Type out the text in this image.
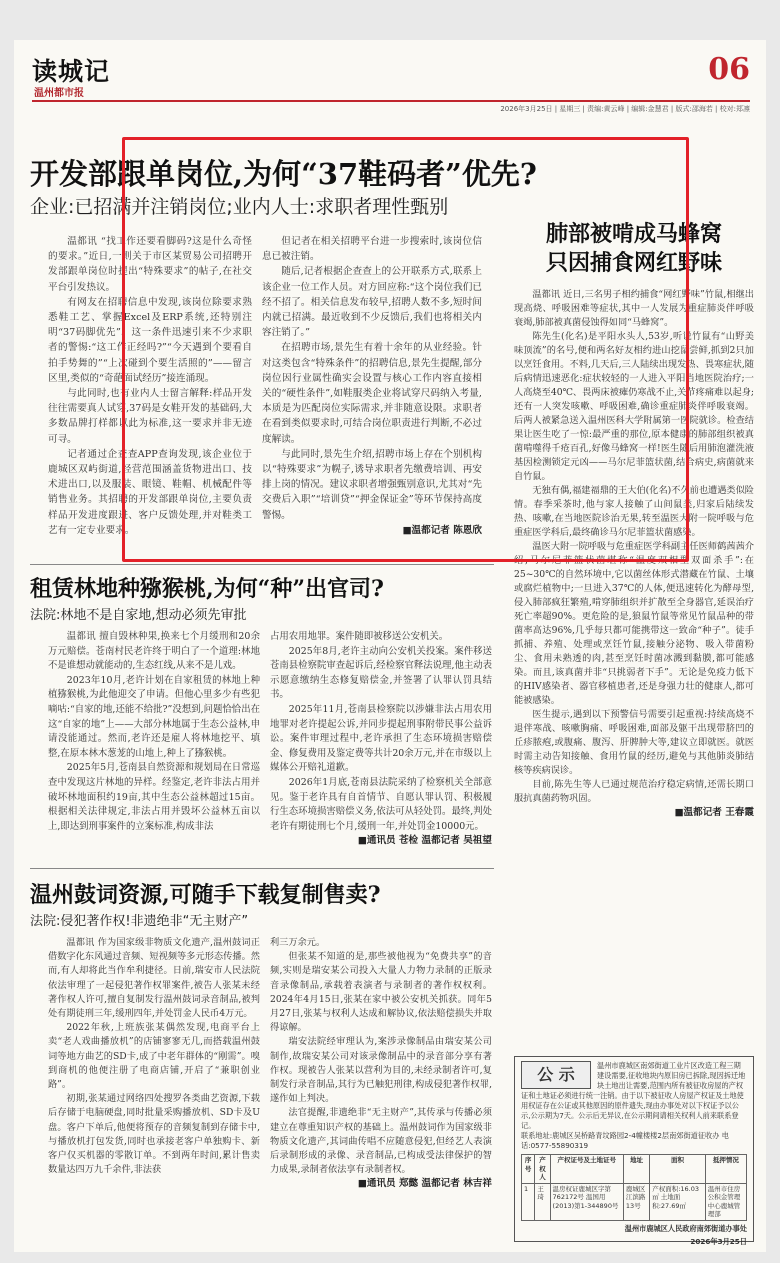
读城记
温州都市报
06
2026年3月25日 | 星期三 | 责编:黄云峰 | 编辑:金慧君 | 版式:邵海若 | 校对:郑凛
开发部跟单岗位,为何“37鞋码者”优先?
企业:已招满并注销岗位;业内人士:求职者理性甄别

温都讯 “找工作还要看脚码?这是什么奇怪的要求。”近日,一则关于市区某贸易公司招聘开发部跟单岗位时提出“特殊要求”的帖子,在社交平台引发热议。

有网友在招聘信息中发现,该岗位除要求熟悉鞋工艺、掌握Excel及ERP系统,还特别注明“37码脚优先”。这一条件迅速引来不少求职者的警惕:“这工作正经吗?”“今天遇到个要看自拍手势舞的”“上次碰到个要生活照的”——留言区里,类似的“奇葩面试经历”接连涌现。

与此同时,也有业内人士留言解释:样品开发往往需要真人试穿,37码是女鞋开发的基础码,大多数品牌打样都以此为标准,这一要求并非无迹可寻。

记者通过企查查APP查询发现,该企业位于鹿城区双屿街道,经营范围涵盖货物进出口、技术进出口,以及服装、眼镜、鞋帽、机械配件等销售业务。其招聘的开发部跟单岗位,主要负责样品开发进度跟进、客户反馈处理,并对鞋类工艺有一定专业要求。

但记者在相关招聘平台进一步搜索时,该岗位信息已被注销。

随后,记者根据企查查上的公开联系方式,联系上该企业一位工作人员。对方回应称:“这个岗位我们已经不招了。相关信息发布较早,招聘人数不多,短时间内就已招满。最近收到不少反馈后,我们也将相关内容注销了。”

在招聘市场,景先生有着十余年的从业经验。针对这类包含“特殊条件”的招聘信息,景先生提醒,部分岗位因行业属性确实会设置与核心工作内容直接相关的“硬性条件”,如鞋服类企业将试穿尺码纳入考量,本质是为匹配岗位实际需求,并非随意设限。求职者在看到类似要求时,可结合岗位职责进行判断,不必过度解读。

与此同时,景先生介绍,招聘市场上存在个别机构以“特殊要求”为幌子,诱导求职者先缴费培训、再安排上岗的情况。建议求职者增强甄别意识,尤其对“先交费后入职”“培训贷”“押金保证金”等环节保持高度警惕。

■温都记者 陈恩欣
租赁林地种猕猴桃,为何“种”出官司?
法院:林地不是自家地,想动必须先审批

温都讯 擅自毁林种果,换来七个月缓刑和20余万元赔偿。苍南村民老许终于明白了一个道理:林地不是谁想动就能动的,生态红线,从来不是儿戏。

2023年10月,老许计划在自家租赁的林地上种植猕猴桃,为此他迎交了申请。但他心里多少有些犯嘀咕:“自家的地,还能不给批?”没想到,问题恰恰出在这“自家的地”上——大部分林地属于生态公益林,申请没能通过。然而,老许还是雇人将林地挖平、填整,在原本林木葱茏的山地上,种上了猕猴桃。

2025年5月,苍南县自然资源和规划局在日常巡查中发现这片林地的异样。经鉴定,老许非法占用并破坏林地面积约19亩,其中生态公益林超过15亩。根据相关法律规定,非法占用并毁坏公益林五亩以上,即达到刑事案件的立案标准,构成非法

占用农用地罪。案件随即被移送公安机关。

2025年8月,老许主动向公安机关投案。案件移送苍南县检察院审查起诉后,经检察官释法说理,他主动表示愿意缴纳生态修复赔偿金,并签署了认罪认罚具结书。

2025年11月,苍南县检察院以涉嫌非法占用农用地罪对老许提起公诉,并同步提起刑事附带民事公益诉讼。案件审理过程中,老许承担了生态环境损害赔偿金、修复费用及鉴定费等共计20余万元,并在市级以上媒体公开赔礼道歉。

2026年1月底,苍南县法院采纳了检察机关全部意见。鉴于老许具有自首情节、自愿认罪认罚、积极履行生态环境损害赔偿义务,依法可从轻处罚。最终,判处老许有期徒刑七个月,缓刑一年,并处罚金10000元。

■通讯员 苍检 温都记者 吴祖望
温州鼓词资源,可随手下载复制售卖?
法院:侵犯著作权!非遗绝非“无主财产”

温都讯 作为国家级非物质文化遗产,温州鼓词正借数字化东风通过音频、短视频等多元形态传播。然而,有人却将此当作牟利捷径。日前,瑞安市人民法院依法审理了一起侵犯著作权罪案件,被告人张某未经著作权人许可,擅自复制发行温州鼓词录音制品,被判处有期徒刑三年,缓刑四年,并处罚金人民币4万元。

2022年秋,上班族张某偶然发现,电商平台上卖“老人戏曲播放机”的店铺寥寥无几,而搭载温州鼓词等地方曲艺的SD卡,成了中老年群体的“刚需”。嗅到商机的他便注册了电商店铺,开启了“兼职创业路”。

初期,张某通过网络四处搜罗各类曲艺资源,下载后存储于电脑硬盘,同时批量采购播放机、SD卡及U盘。客户下单后,他便将预存的音频复制到存储卡中,与播放机打包发货,同时也承接老客户单独购卡、新客户仅买机器的零散订单。不到两年时间,累计售卖数量达四万九千余件,非法获

利三万余元。

但张某不知道的是,那些被他视为“免费共享”的音频,实则是瑞安某公司投入大量人力物力录制的正版录音录像制品,承载着表演者与录制者的著作权权利。2024年4月15日,张某在家中被公安机关抓获。同年5月27日,张某与权利人达成和解协议,依法赔偿损失并取得谅解。

瑞安法院经审理认为,案涉录像制品由瑞安某公司制作,故瑞安某公司对该录像制品中的录音部分享有著作权。现被告人张某以营利为目的,未经录制者许可,复制发行录音制品,其行为已触犯刑律,构成侵犯著作权罪,遂作如上判决。

法官提醒,非遗绝非“无主财产”,其传承与传播必须建立在尊重知识产权的基础上。温州鼓词作为国家级非物质文化遗产,其词曲传唱不应随意侵犯,但经艺人表演后录制形成的录像、录音制品,已构成受法律保护的智力成果,录制者依法享有录制者权。

■通讯员 郑懿 温都记者 林吉祥
肺部被啃成马蜂窝
只因捕食网红野味

温都讯 近日,三名男子相约捕食“网红野味”竹鼠,相继出现高烧、呼吸困难等症状,其中一人发展为重症肺炎伴呼吸衰竭,肺部被真菌侵蚀得如同“马蜂窝”。

陈先生(化名)是平阳水头人,53岁,听说竹鼠有“山野美味顶流”的名号,便和两名好友相约进山挖鼠尝鲜,抓到2只加以烹饪食用。不料,几天后,三人陆续出现发热、畏寒症状,随后病情迅速恶化:症状较轻的一人进入平阳当地医院治疗;一人高烧至40℃、畏两床被瘫仍寒战不止,关节疼痛难以起身;还有一人突发咳嗽、呼吸困难,确诊重症肺炎伴呼吸衰竭。后两人被紧急送入温州医科大学附属第一医院就诊。检查结果让医生吃了一惊:最严重的那位,原本健康的肺部组织被真菌啃噬得千疮百孔,好像马蜂窝一样!医生随后用肺泡灌洗液基因检测锁定元凶——马尔尼菲篮状菌,结合病史,病菌就来自竹鼠。

无独有偶,福建福鼎的王大伯(化名)不久前也遭遇类似险情。春季采茶时,他与家人接触了山间鼠类,归家后陆续发热、咳嗽,在当地医院诊治无果,转至温医大附一院呼吸与危重症医学科后,最终确诊马尔尼菲篮状菌感染。

温医大附一院呼吸与危重症医学科副主任医师鹤茜茜介绍,马尔尼菲篮状菌堪称“温度双相型双面杀手”:在25~30℃的自然环境中,它以菌丝体形式潜藏在竹鼠、土壤或腐烂植物中;一旦进入37℃的人体,便迅速转化为酵母型,侵入肺部疯狂繁殖,啃穿肺组织并扩散至全身器官,延误治疗死亡率超90%。更危险的是,狼鼠竹鼠等常见竹鼠品种的带菌率高达96%,几乎每只都可能携带这一致命“种子”。徒手抓捕、养殖、处理或烹饪竹鼠,接触分泌物、吸入带菌粉尘、食用未熟透的肉,甚至烹饪时菌冰溅到黏膜,都可能感染。而且,该真菌并非“只挑弱者下手”。无论是免疫力低下的HIV感染者、器官移植患者,还是身强力壮的健康人,都可能被感染。

医生提示,遇到以下预警信号需要引起重视:持续高烧不退伴寒战、咳嗽胸痛、呼吸困难,面部及躯干出现带脐凹的丘疹脓疱,或腹痛、腹泻、肝脾肿大等,建议立即就医。就医时需主动告知接触、食用竹鼠的经历,避免与其他肺炎肺结核等疾病误诊。

目前,陈先生等人已通过规范治疗稳定病情,还需长期口服抗真菌药物巩固。

■温都记者 王春霞
公 示	温州市鹿城区南郊街道工业片区改造工程三期建设需要,征收地块内原旧房已拆除,现因拆迁地块土地出让需要,范围内所有被征收房屋的产权证和土地证必须进行统一注销。由于以下被征收人房屋产权证及土地使用权证存在公证或其他原因的原件遗失,现由办事处对以下权证予以公示,公示期为7天。公示后无异议,在公示期间请相关权利人前来联系登记。
联系地址:鹿城区吴桥路青坟路园2-4幢楼楼2层南郊街道征收办 电话:0577-55890319
序号	产权人	产权证号及土地证号	地址	面积	抵押情况
1	王琦	温房权证鹿城区字第762172号 温国用(2013)第1-344890号	鹿城区江滨路13号	产权面积:16.03㎡ 土地面积:27.69㎡	温州市住房公积金管理中心鹿城管理部
温州市鹿城区人民政府南郊街道办事处
2026年3月25日
